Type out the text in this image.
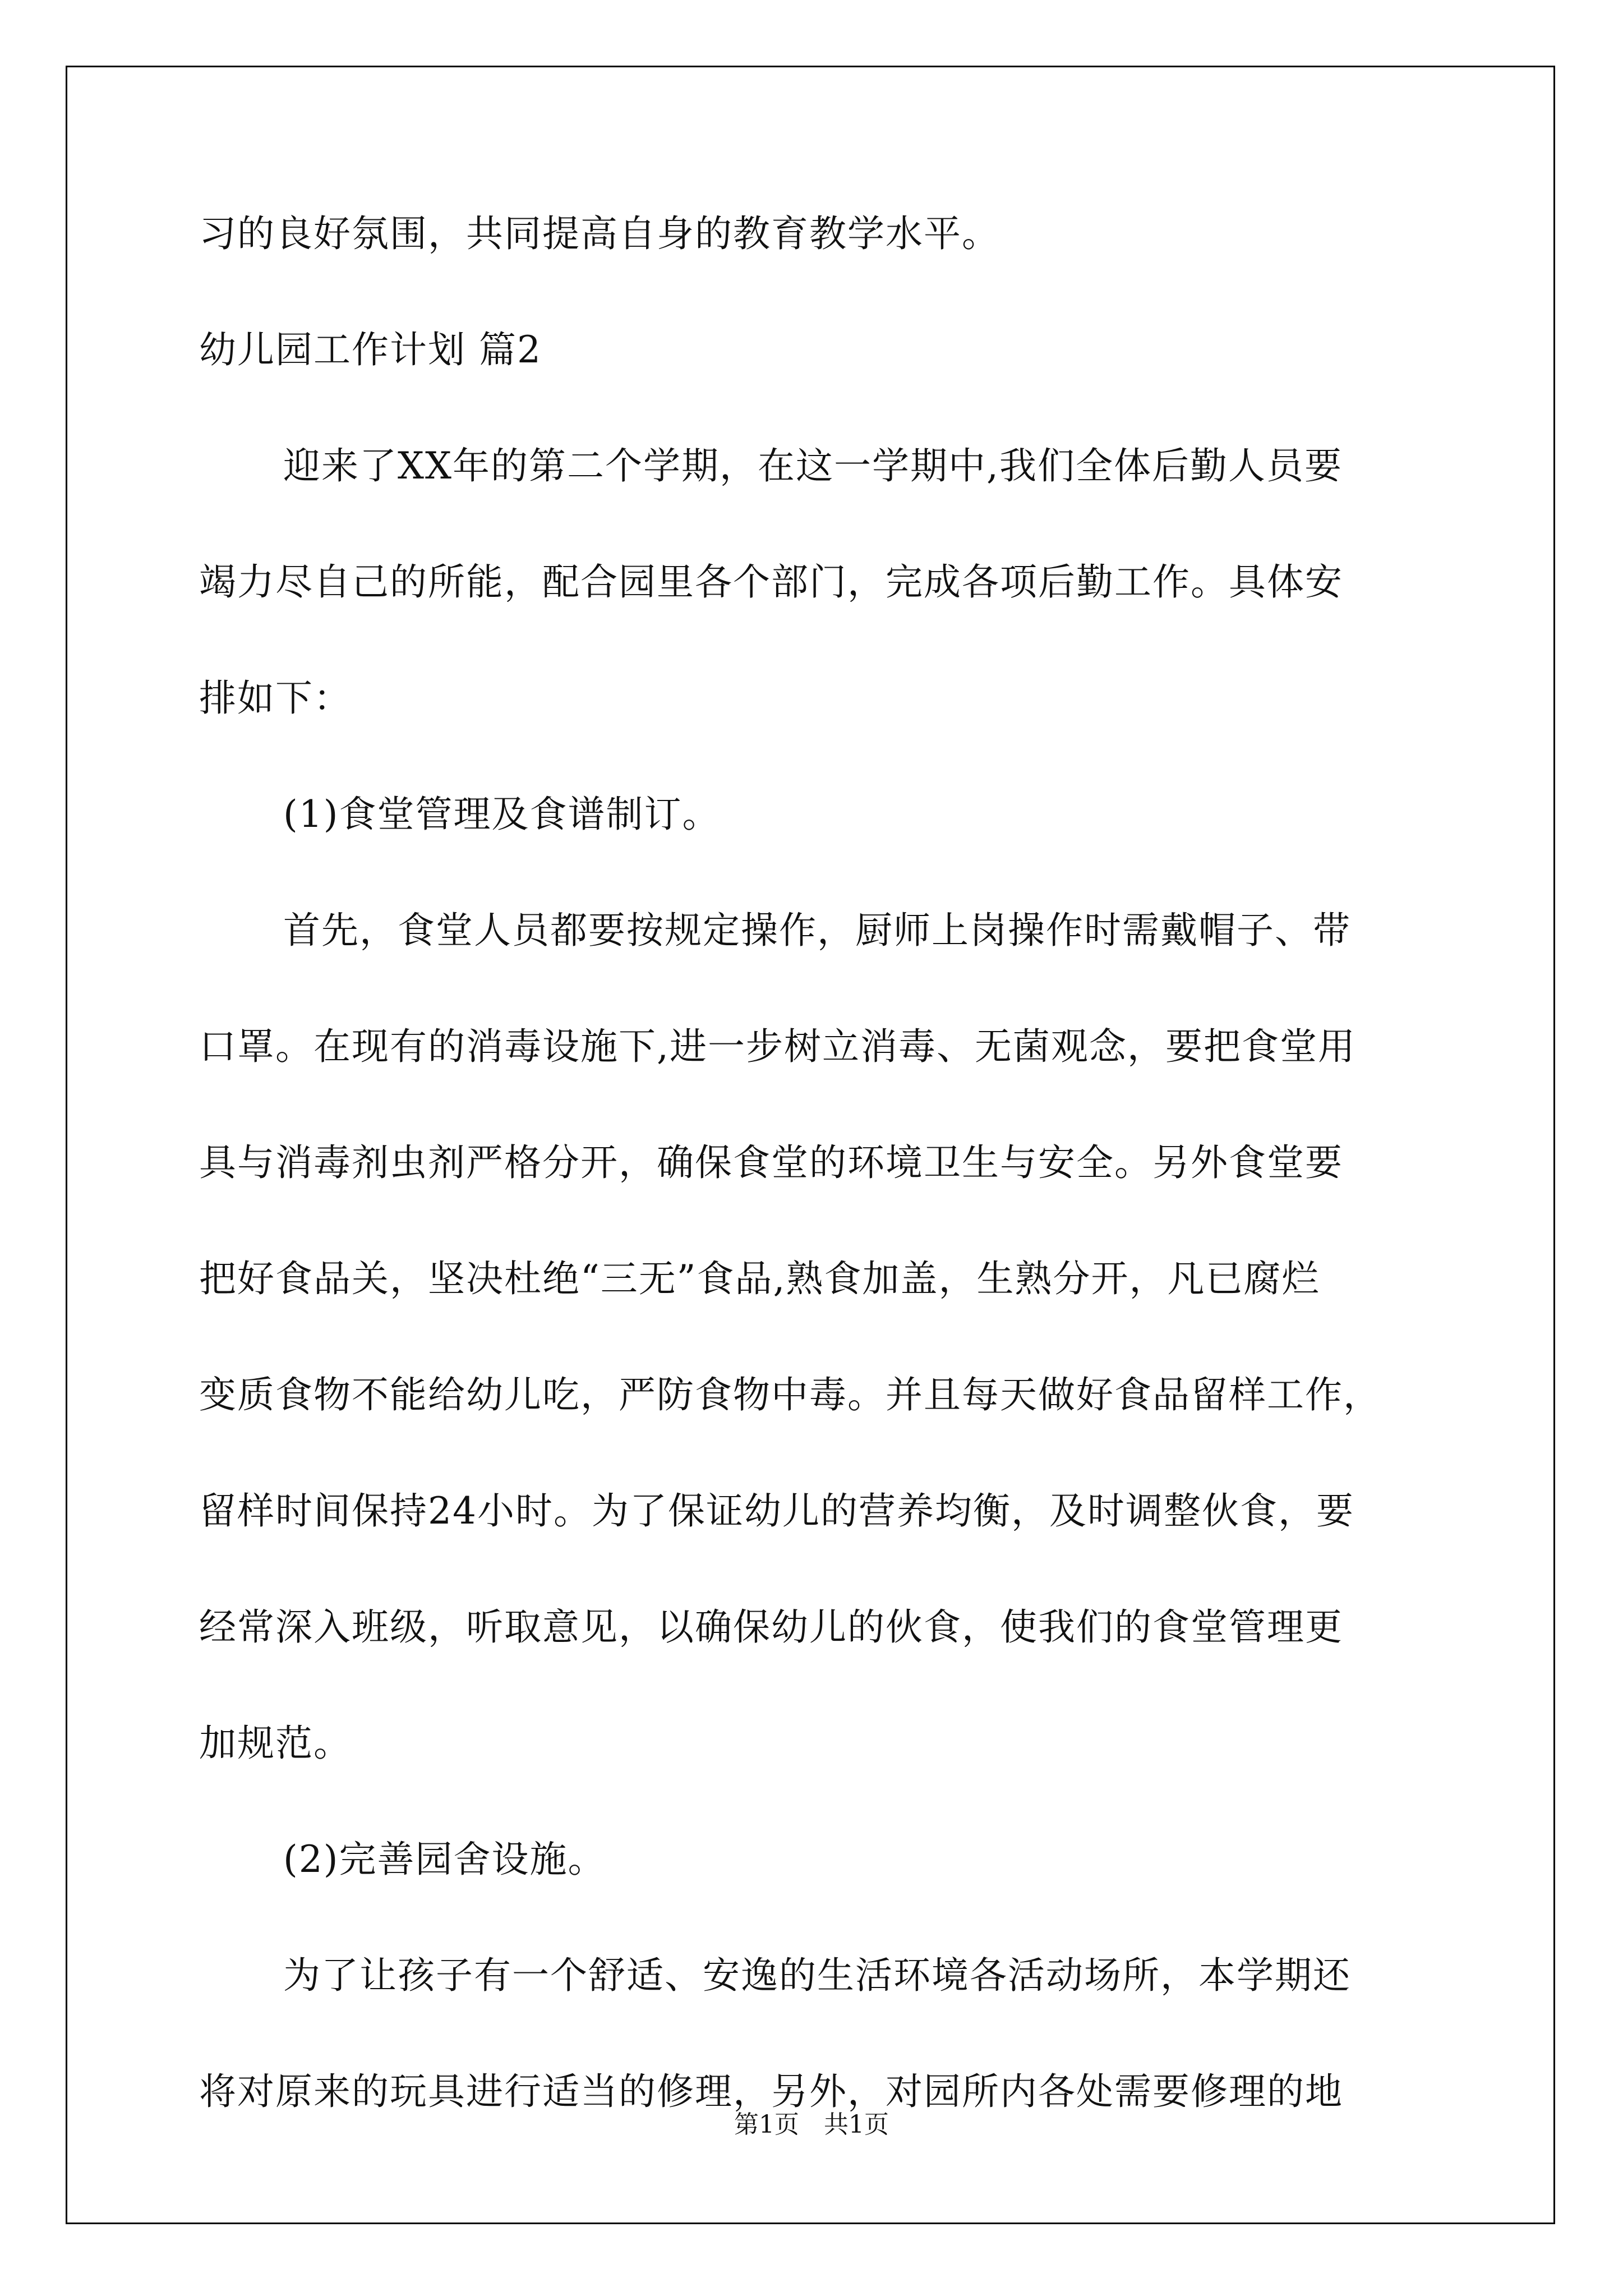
习的良好氛围，共同提高自身的教育教学水平。

幼儿园工作计划 篇2

迎来了XX年的第二个学期，在这一学期中,我们全体后勤人员要

竭力尽自己的所能，配合园里各个部门，完成各项后勤工作。具体安

排如下：

(1)食堂管理及食谱制订。

首先，食堂人员都要按规定操作，厨师上岗操作时需戴帽子、带

口罩。在现有的消毒设施下,进一步树立消毒、无菌观念，要把食堂用

具与消毒剂虫剂严格分开，确保食堂的环境卫生与安全。另外食堂要

把好食品关，坚决杜绝“三无”食品,熟食加盖，生熟分开，凡已腐烂

变质食物不能给幼儿吃，严防食物中毒。并且每天做好食品留样工作，

留样时间保持24小时。为了保证幼儿的营养均衡，及时调整伙食，要

经常深入班级，听取意见，以确保幼儿的伙食，使我们的食堂管理更

加规范。

(2)完善园舍设施。

为了让孩子有一个舒适、安逸的生活环境各活动场所，本学期还

将对原来的玩具进行适当的修理，另外，对园所内各处需要修理的地

第1页　共1页
